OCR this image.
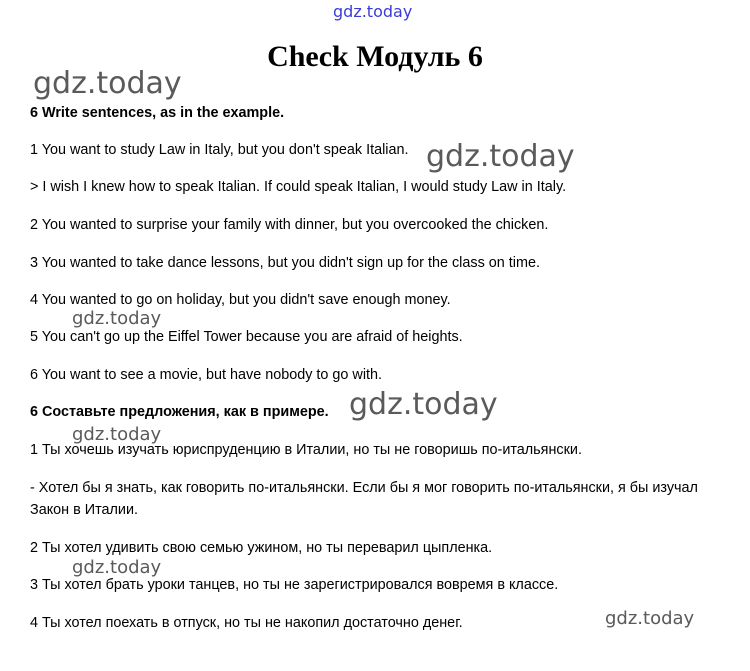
gdz.today
gdz.today
gdz.today
gdz.today
gdz.today
gdz.today
gdz.today
gdz.today
Check Модуль 6
6 Write sentences, as in the example.
1 You want to study Law in Italy, but you don't speak Italian.
> I wish I knew how to speak Italian. If could speak Italian, I would study Law in Italy.
2 You wanted to surprise your family with dinner, but you overcooked the chicken.
3 You wanted to take dance lessons, but you didn't sign up for the class on time.
4 You wanted to go on holiday, but you didn't save enough money.
5 You can't go up the Eiffel Tower because you are afraid of heights.
6 You want to see a movie, but have nobody to go with.
6 Составьте предложения, как в примере.
1 Ты хочешь изучать юриспруденцию в Италии, но ты не говоришь по-итальянски.
- Хотел бы я знать, как говорить по-итальянски. Если бы я мог говорить по-итальянски, я бы изучал
Закон в Италии.
2 Ты хотел удивить свою семью ужином, но ты переварил цыпленка.
3 Ты хотел брать уроки танцев, но ты не зарегистрировался вовремя в классе.
4 Ты хотел поехать в отпуск, но ты не накопил достаточно денег.
